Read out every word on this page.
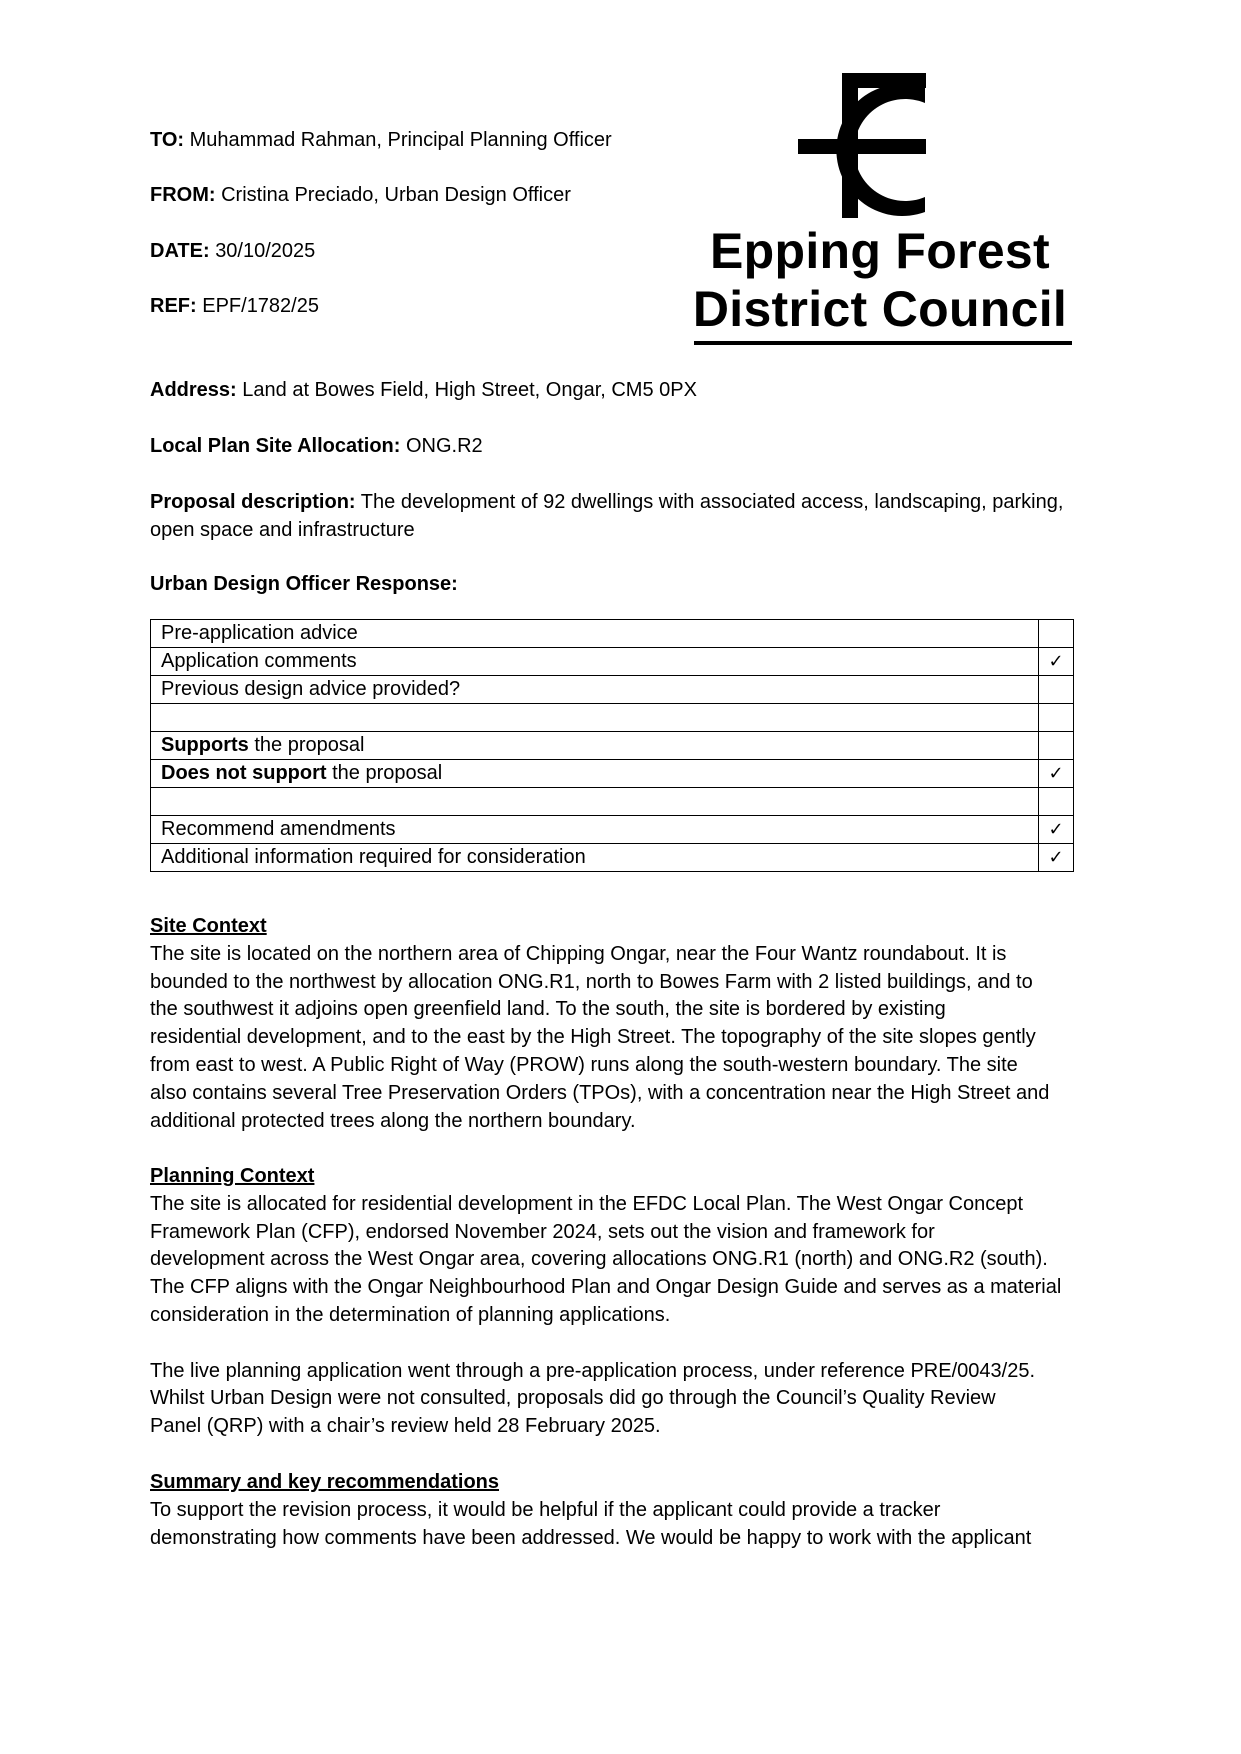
TO: Muhammad Rahman, Principal Planning Officer
FROM: Cristina Preciado, Urban Design Officer
DATE: 30/10/2025
REF: EPF/1782/25
Epping Forest
District Council
Address: Land at Bowes Field, High Street, Ongar, CM5 0PX
Local Plan Site Allocation: ONG.R2
Proposal description: The development of 92 dwellings with associated access, landscaping, parking,
open space and infrastructure
Urban Design Officer Response:
Pre-application advice	
Application comments	✓
Previous design advice provided?	

Supports the proposal	
Does not support the proposal	✓

Recommend amendments	✓
Additional information required for consideration	✓
Site Context
The site is located on the northern area of Chipping Ongar, near the Four Wantz roundabout. It is
bounded to the northwest by allocation ONG.R1, north to Bowes Farm with 2 listed buildings, and to
the southwest it adjoins open greenfield land. To the south, the site is bordered by existing
residential development, and to the east by the High Street. The topography of the site slopes gently
from east to west. A Public Right of Way (PROW) runs along the south-western boundary. The site
also contains several Tree Preservation Orders (TPOs), with a concentration near the High Street and
additional protected trees along the northern boundary.
Planning Context
The site is allocated for residential development in the EFDC Local Plan. The West Ongar Concept
Framework Plan (CFP), endorsed November 2024, sets out the vision and framework for
development across the West Ongar area, covering allocations ONG.R1 (north) and ONG.R2 (south).
The CFP aligns with the Ongar Neighbourhood Plan and Ongar Design Guide and serves as a material
consideration in the determination of planning applications.
The live planning application went through a pre-application process, under reference PRE/0043/25.
Whilst Urban Design were not consulted, proposals did go through the Council’s Quality Review
Panel (QRP) with a chair’s review held 28 February 2025.
Summary and key recommendations
To support the revision process, it would be helpful if the applicant could provide a tracker
demonstrating how comments have been addressed. We would be happy to work with the applicant
